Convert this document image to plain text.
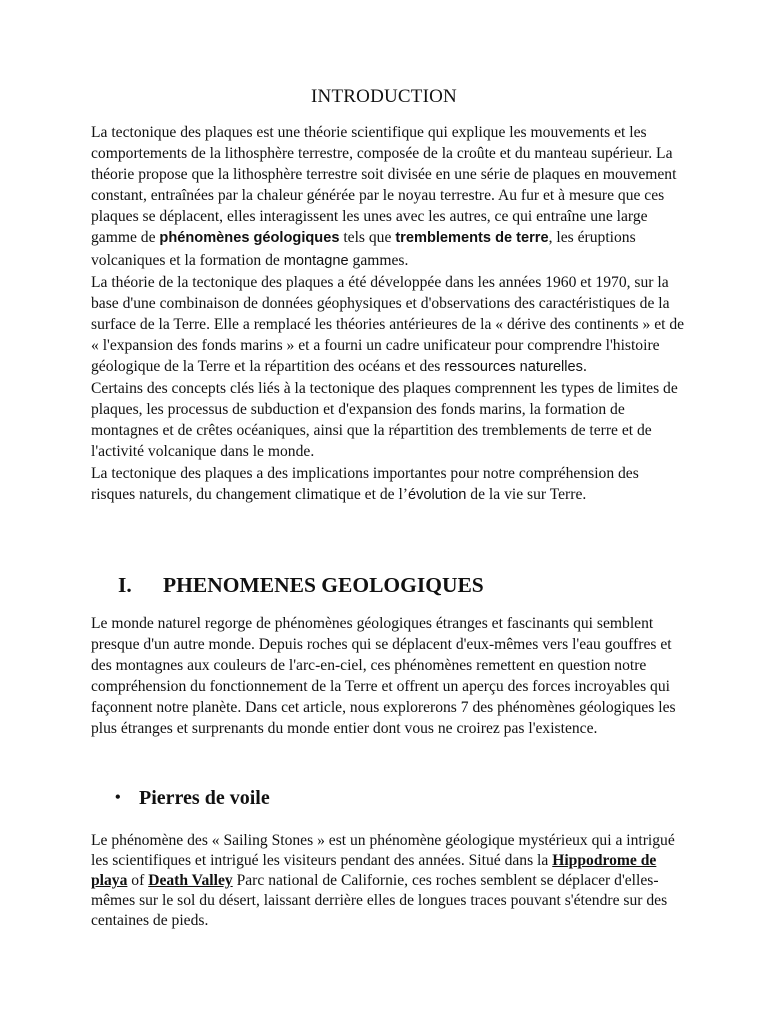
INTRODUCTION
La tectonique des plaques est une théorie scientifique qui explique les mouvements et les comportements de la lithosphère terrestre, composée de la croûte et du manteau supérieur. La théorie propose que la lithosphère terrestre soit divisée en une série de plaques en mouvement constant, entraînées par la chaleur générée par le noyau terrestre. Au fur et à mesure que ces plaques se déplacent, elles interagissent les unes avec les autres, ce qui entraîne une large gamme de phénomènes géologiques tels que tremblements de terre, les éruptions volcaniques et la formation de montagne gammes.
La théorie de la tectonique des plaques a été développée dans les années 1960 et 1970, sur la base d'une combinaison de données géophysiques et d'observations des caractéristiques de la surface de la Terre. Elle a remplacé les théories antérieures de la « dérive des continents » et de « l'expansion des fonds marins » et a fourni un cadre unificateur pour comprendre l'histoire géologique de la Terre et la répartition des océans et des ressources naturelles.
Certains des concepts clés liés à la tectonique des plaques comprennent les types de limites de plaques, les processus de subduction et d'expansion des fonds marins, la formation de montagnes et de crêtes océaniques, ainsi que la répartition des tremblements de terre et de l'activité volcanique dans le monde.
La tectonique des plaques a des implications importantes pour notre compréhension des risques naturels, du changement climatique et de l’évolution de la vie sur Terre.
I. PHENOMENES GEOLOGIQUES
Le monde naturel regorge de phénomènes géologiques étranges et fascinants qui semblent presque d'un autre monde. Depuis roches qui se déplacent d'eux-mêmes vers l'eau gouffres et des montagnes aux couleurs de l'arc-en-ciel, ces phénomènes remettent en question notre compréhension du fonctionnement de la Terre et offrent un aperçu des forces incroyables qui façonnent notre planète. Dans cet article, nous explorerons 7 des phénomènes géologiques les plus étranges et surprenants du monde entier dont vous ne croirez pas l'existence.
• Pierres de voile
Le phénomène des « Sailing Stones » est un phénomène géologique mystérieux qui a intrigué les scientifiques et intrigué les visiteurs pendant des années. Situé dans la Hippodrome de playa of Death Valley Parc national de Californie, ces roches semblent se déplacer d'elles-mêmes sur le sol du désert, laissant derrière elles de longues traces pouvant s'étendre sur des centaines de pieds.
